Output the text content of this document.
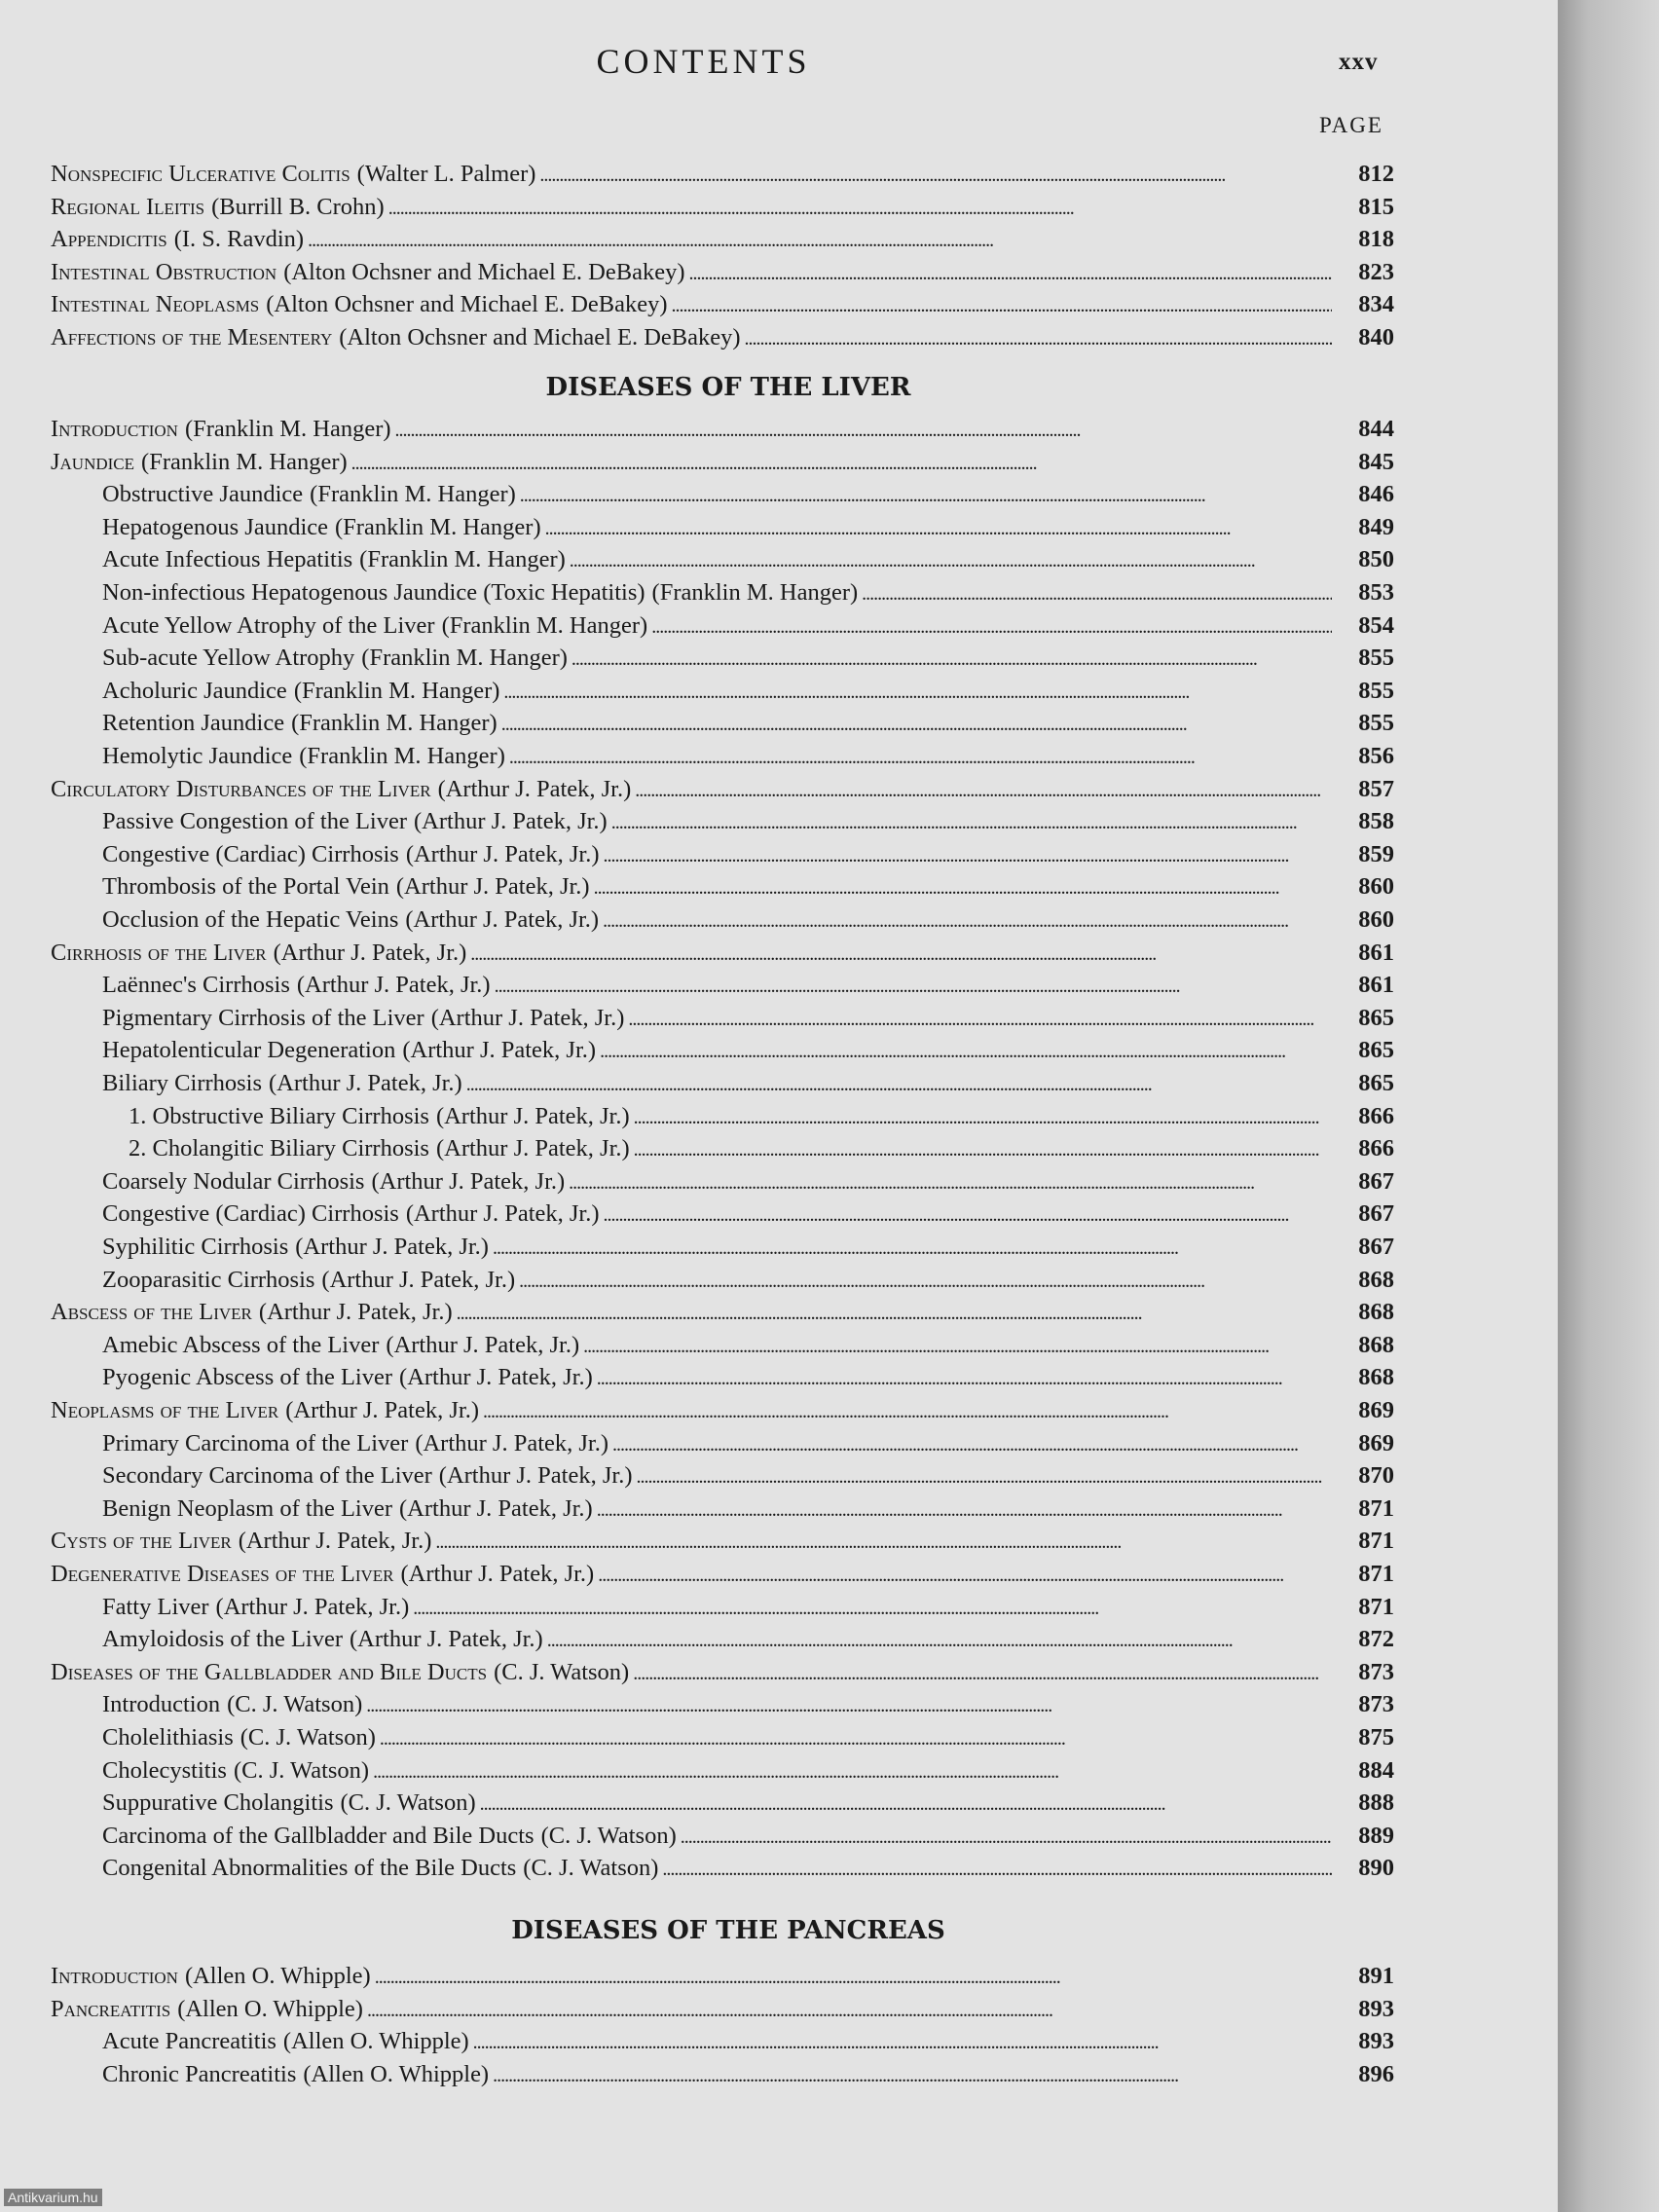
CONTENTS	xxv
PAGE
Nonspecific Ulcerative Colitis (Walter L. Palmer) . . .	812
Regional Ileitis (Burrill B. Crohn) . . .	815
Appendicitis (I. S. Ravdin) . . .	818
Intestinal Obstruction (Alton Ochsner and Michael E. DeBakey) . . .	823
Intestinal Neoplasms (Alton Ochsner and Michael E. DeBakey) . . .	834
Affections of the Mesentery (Alton Ochsner and Michael E. DeBakey) . . .	840
DISEASES OF THE LIVER
Introduction (Franklin M. Hanger) . . .	844
Jaundice (Franklin M. Hanger) . . .	845
Obstructive Jaundice (Franklin M. Hanger) . . .	846
Hepatogenous Jaundice (Franklin M. Hanger) . . .	849
Acute Infectious Hepatitis (Franklin M. Hanger) . . .	850
Non-infectious Hepatogenous Jaundice (Toxic Hepatitis) (Franklin M. Hanger) . . .	853
Acute Yellow Atrophy of the Liver (Franklin M. Hanger) . . .	854
Sub-acute Yellow Atrophy (Franklin M. Hanger) . . .	855
Acholuric Jaundice (Franklin M. Hanger) . . .	855
Retention Jaundice (Franklin M. Hanger) . . .	855
Hemolytic Jaundice (Franklin M. Hanger) . . .	856
Circulatory Disturbances of the Liver (Arthur J. Patek, Jr.) . . .	857
Passive Congestion of the Liver (Arthur J. Patek, Jr.) . . .	858
Congestive (Cardiac) Cirrhosis (Arthur J. Patek, Jr.) . . .	859
Thrombosis of the Portal Vein (Arthur J. Patek, Jr.) . . .	860
Occlusion of the Hepatic Veins (Arthur J. Patek, Jr.) . . .	860
Cirrhosis of the Liver (Arthur J. Patek, Jr.) . . .	861
Laënnec's Cirrhosis (Arthur J. Patek, Jr.) . . .	861
Pigmentary Cirrhosis of the Liver (Arthur J. Patek, Jr.) . . .	865
Hepatolenticular Degeneration (Arthur J. Patek, Jr.) . . .	865
Biliary Cirrhosis (Arthur J. Patek, Jr.) . . .	865
1. Obstructive Biliary Cirrhosis (Arthur J. Patek, Jr.) . . .	866
2. Cholangitic Biliary Cirrhosis (Arthur J. Patek, Jr.) . . .	866
Coarsely Nodular Cirrhosis (Arthur J. Patek, Jr.) . . .	867
Congestive (Cardiac) Cirrhosis (Arthur J. Patek, Jr.) . . .	867
Syphilitic Cirrhosis (Arthur J. Patek, Jr.) . . .	867
Zooparasitic Cirrhosis (Arthur J. Patek, Jr.) . . .	868
Abscess of the Liver (Arthur J. Patek, Jr.) . . .	868
Amebic Abscess of the Liver (Arthur J. Patek, Jr.) . . .	868
Pyogenic Abscess of the Liver (Arthur J. Patek, Jr.) . . .	868
Neoplasms of the Liver (Arthur J. Patek, Jr.) . . .	869
Primary Carcinoma of the Liver (Arthur J. Patek, Jr.) . . .	869
Secondary Carcinoma of the Liver (Arthur J. Patek, Jr.) . . .	870
Benign Neoplasm of the Liver (Arthur J. Patek, Jr.) . . .	871
Cysts of the Liver (Arthur J. Patek, Jr.) . . .	871
Degenerative Diseases of the Liver (Arthur J. Patek, Jr.) . . .	871
Fatty Liver (Arthur J. Patek, Jr.) . . .	871
Amyloidosis of the Liver (Arthur J. Patek, Jr.) . . .	872
Diseases of the Gallbladder and Bile Ducts (C. J. Watson) . . .	873
Introduction (C. J. Watson) . . .	873
Cholelithiasis (C. J. Watson) . . .	875
Cholecystitis (C. J. Watson) . . .	884
Suppurative Cholangitis (C. J. Watson) . . .	888
Carcinoma of the Gallbladder and Bile Ducts (C. J. Watson) . . .	889
Congenital Abnormalities of the Bile Ducts (C. J. Watson) . . .	890
DISEASES OF THE PANCREAS
Introduction (Allen O. Whipple) . . .	891
Pancreatitis (Allen O. Whipple) . . .	893
Acute Pancreatitis (Allen O. Whipple) . . .	893
Chronic Pancreatitis (Allen O. Whipple) . . .	896
Antikvarium.hu
